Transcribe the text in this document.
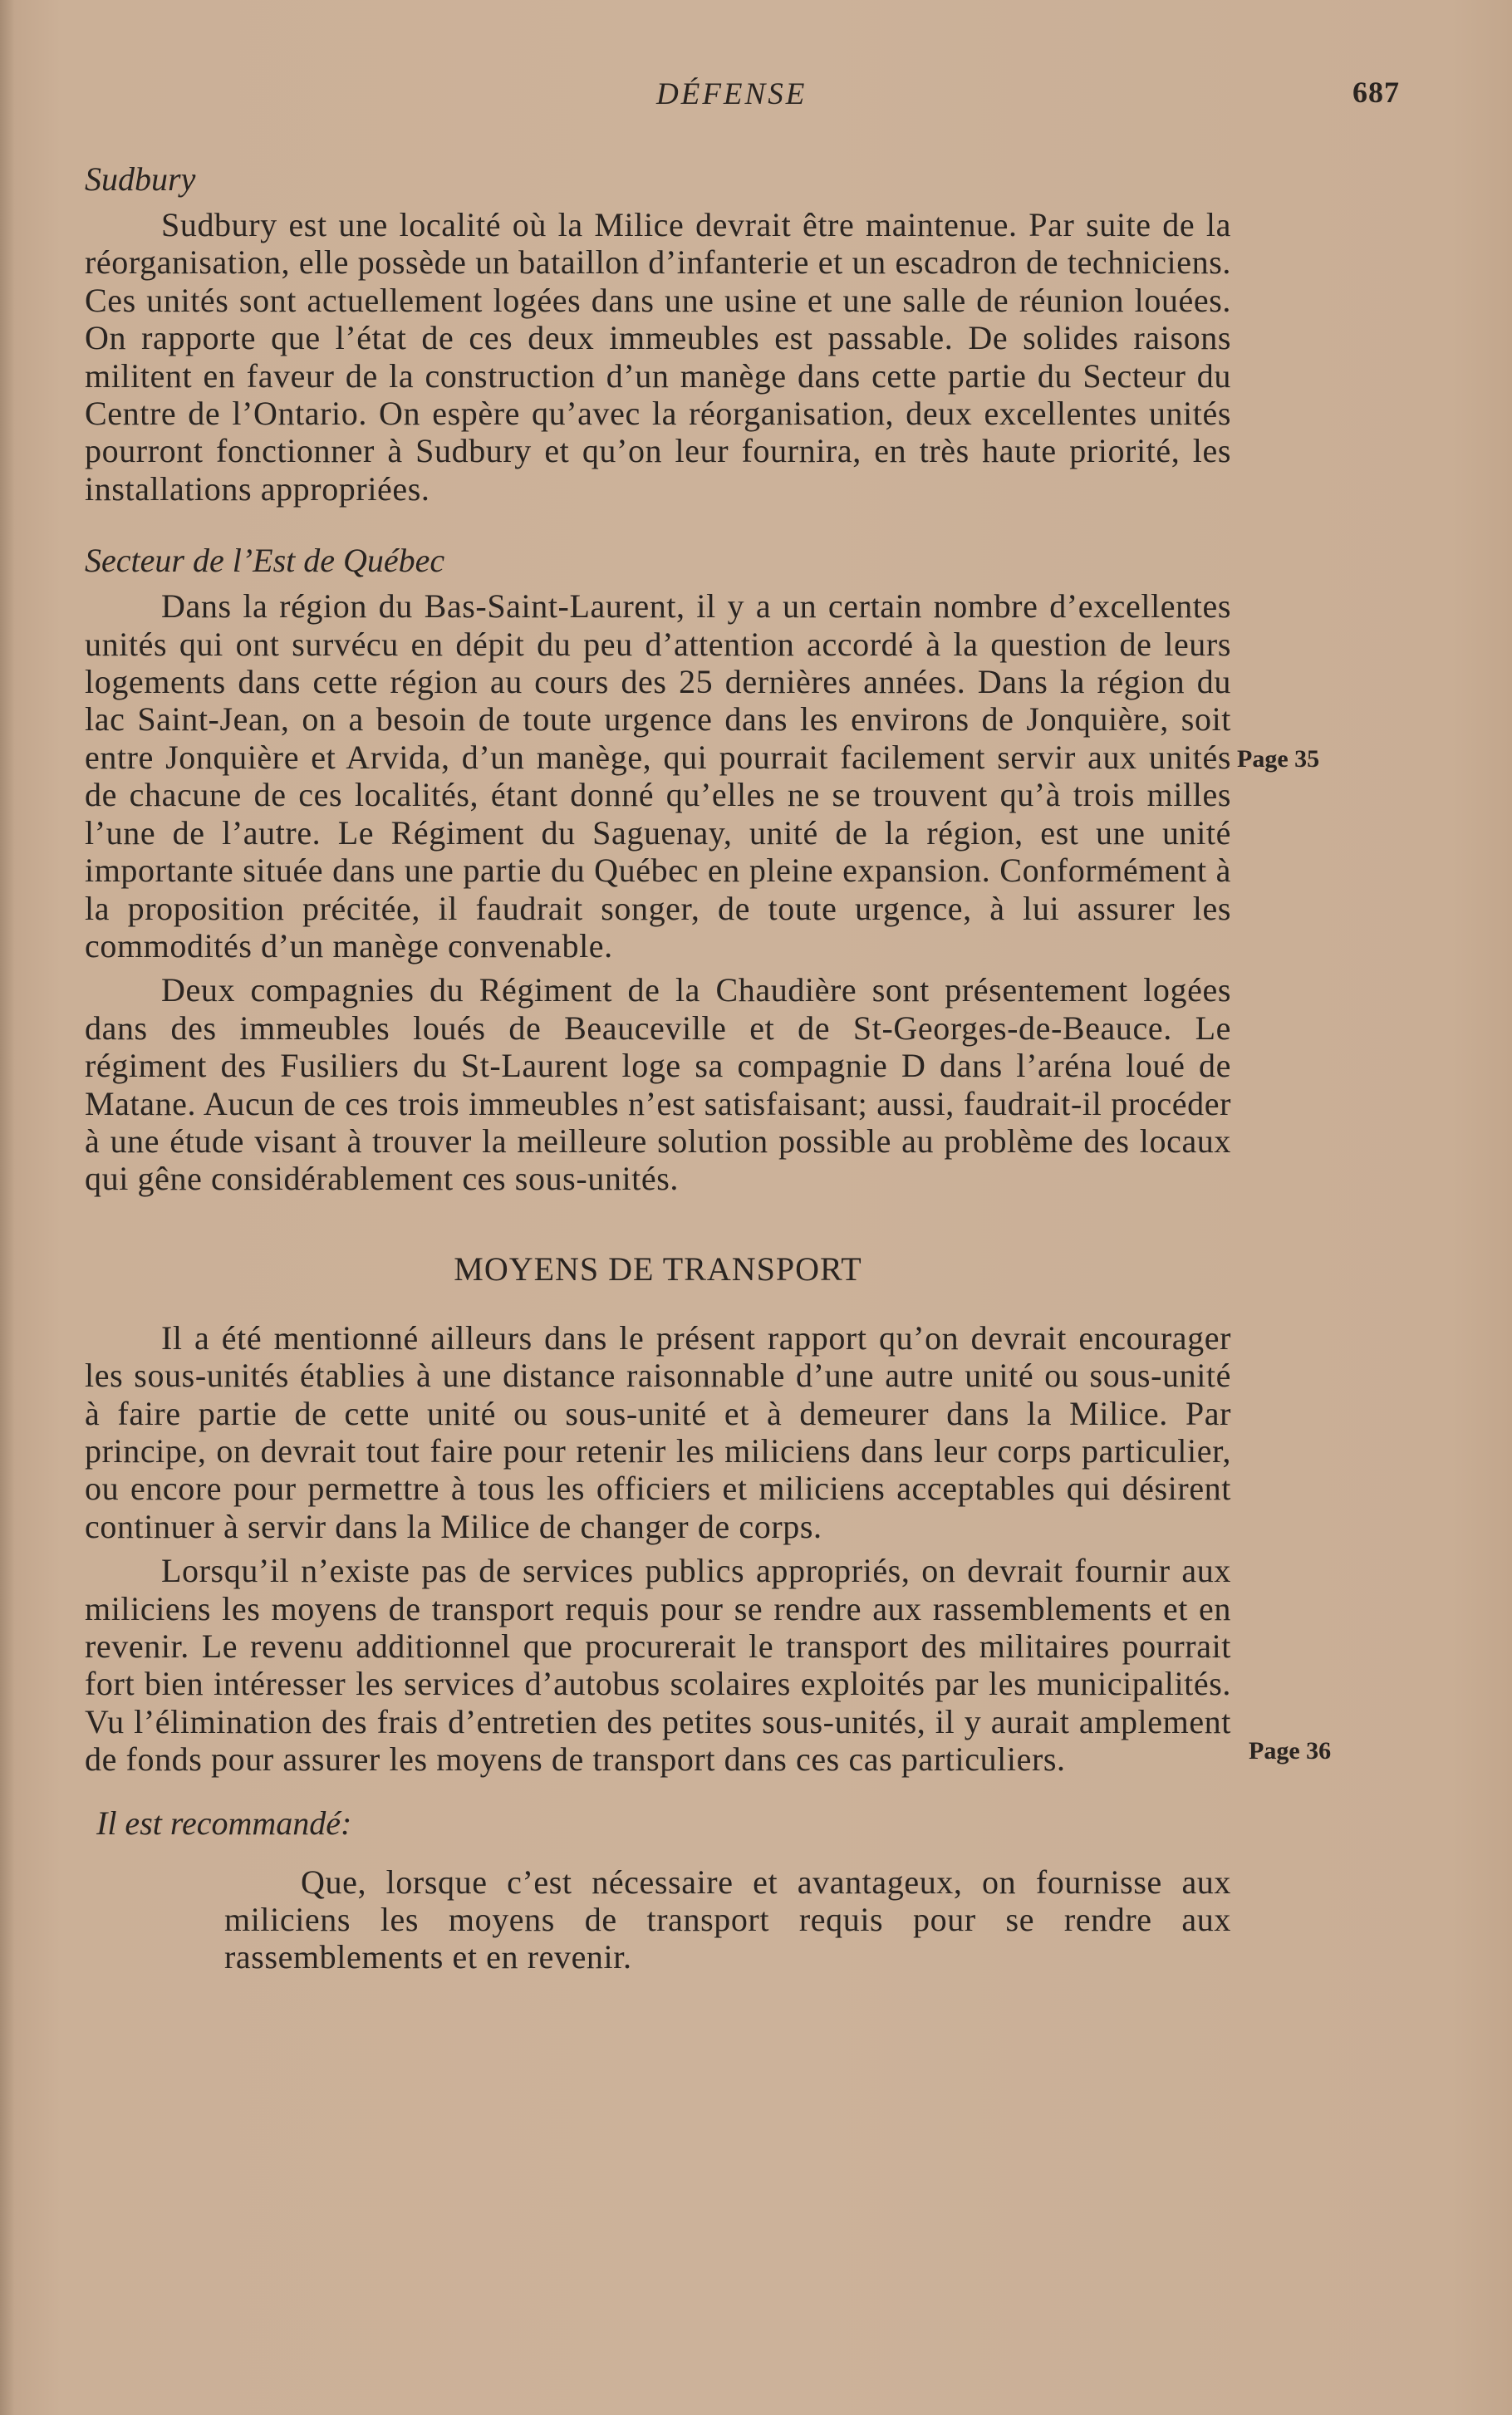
DÉFENSE	687
Sudbury

Sudbury est une localité où la Milice devrait être maintenue. Par suite de la réorganisation, elle possède un bataillon d’infanterie et un escadron de techniciens. Ces unités sont actuellement logées dans une usine et une salle de réunion louées. On rapporte que l’état de ces deux immeubles est passable. De solides raisons militent en faveur de la construction d’un manège dans cette partie du Secteur du Centre de l’Ontario. On espère qu’avec la réorganisation, deux excellentes unités pourront fonctionner à Sudbury et qu’on leur fournira, en très haute priorité, les installations appropriées.

Secteur de l’Est de Québec

Dans la région du Bas-Saint-Laurent, il y a un certain nombre d’excellentes unités qui ont survécu en dépit du peu d’attention accordé à la question de leurs logements dans cette région au cours des 25 dernières années. Dans la région du lac Saint-Jean, on a besoin de toute urgence dans les environs de Jonquière, soit entre Jonquière et Arvida, d’un manège, qui pourrait facilement servir aux unités de chacune de ces localités, étant donné qu’elles ne se trouvent qu’à trois milles l’une de l’autre. Le Régiment du Saguenay, unité de la région, est une unité importante située dans une partie du Québec en pleine expansion. Conformément à la proposition précitée, il faudrait songer, de toute urgence, à lui assurer les commodités d’un manège convenable.

Deux compagnies du Régiment de la Chaudière sont présentement logées dans des immeubles loués de Beauceville et de St-Georges-de-Beauce. Le régiment des Fusiliers du St-Laurent loge sa compagnie D dans l’aréna loué de Matane. Aucun de ces trois immeubles n’est satisfaisant; aussi, faudrait-il procéder à une étude visant à trouver la meilleure solution possible au problème des locaux qui gêne considérablement ces sous-unités.

MOYENS DE TRANSPORT

Il a été mentionné ailleurs dans le présent rapport qu’on devrait encourager les sous-unités établies à une distance raisonnable d’une autre unité ou sous-unité à faire partie de cette unité ou sous-unité et à demeurer dans la Milice. Par principe, on devrait tout faire pour retenir les miliciens dans leur corps particulier, ou encore pour permettre à tous les officiers et miliciens acceptables qui désirent continuer à servir dans la Milice de changer de corps.

Lorsqu’il n’existe pas de services publics appropriés, on devrait fournir aux miliciens les moyens de transport requis pour se rendre aux rassemblements et en revenir. Le revenu additionnel que procurerait le transport des militaires pourrait fort bien intéresser les services d’autobus scolaires exploités par les municipalités. Vu l’élimination des frais d’entretien des petites sous-unités, il y aurait amplement de fonds pour assurer les moyens de transport dans ces cas particuliers.

Il est recommandé:

Que, lorsque c’est nécessaire et avantageux, on fournisse aux miliciens les moyens de transport requis pour se rendre aux rassemblements et en revenir.

Page 35
Page 36
